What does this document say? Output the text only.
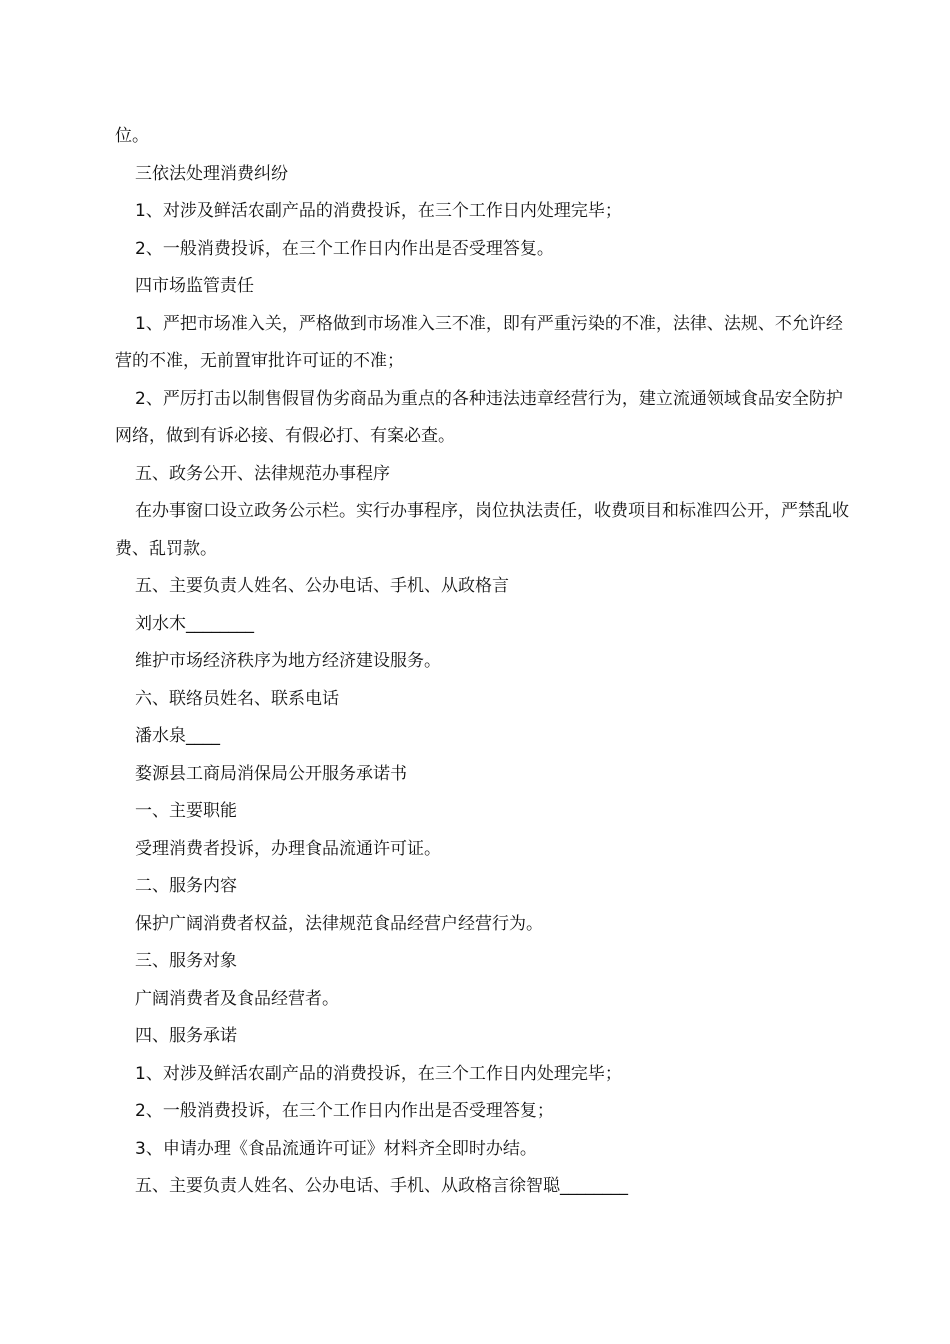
位。

三依法处理消费纠纷

1、对涉及鲜活农副产品的消费投诉，在三个工作日内处理完毕；

2、一般消费投诉，在三个工作日内作出是否受理答复。

四市场监管责任

1、严把市场准入关，严格做到市场准入三不准，即有严重污染的不准，法律、法规、不允许经营的不准，无前置审批许可证的不准；

2、严厉打击以制售假冒伪劣商品为重点的各种违法违章经营行为，建立流通领域食品安全防护网络，做到有诉必接、有假必打、有案必查。

五、政务公开、法律规范办事程序

在办事窗口设立政务公示栏。实行办事程序，岗位执法责任，收费项目和标准四公开，严禁乱收费、乱罚款。

五、主要负责人姓名、公办电话、手机、从政格言

刘水木________

维护市场经济秩序为地方经济建设服务。

六、联络员姓名、联系电话

潘水泉____

婺源县工商局消保局公开服务承诺书

一、主要职能

受理消费者投诉，办理食品流通许可证。

二、服务内容

保护广阔消费者权益，法律规范食品经营户经营行为。

三、服务对象

广阔消费者及食品经营者。

四、服务承诺

1、对涉及鲜活农副产品的消费投诉，在三个工作日内处理完毕；

2、一般消费投诉，在三个工作日内作出是否受理答复；

3、申请办理《食品流通许可证》材料齐全即时办结。

五、主要负责人姓名、公办电话、手机、从政格言徐智聪________
